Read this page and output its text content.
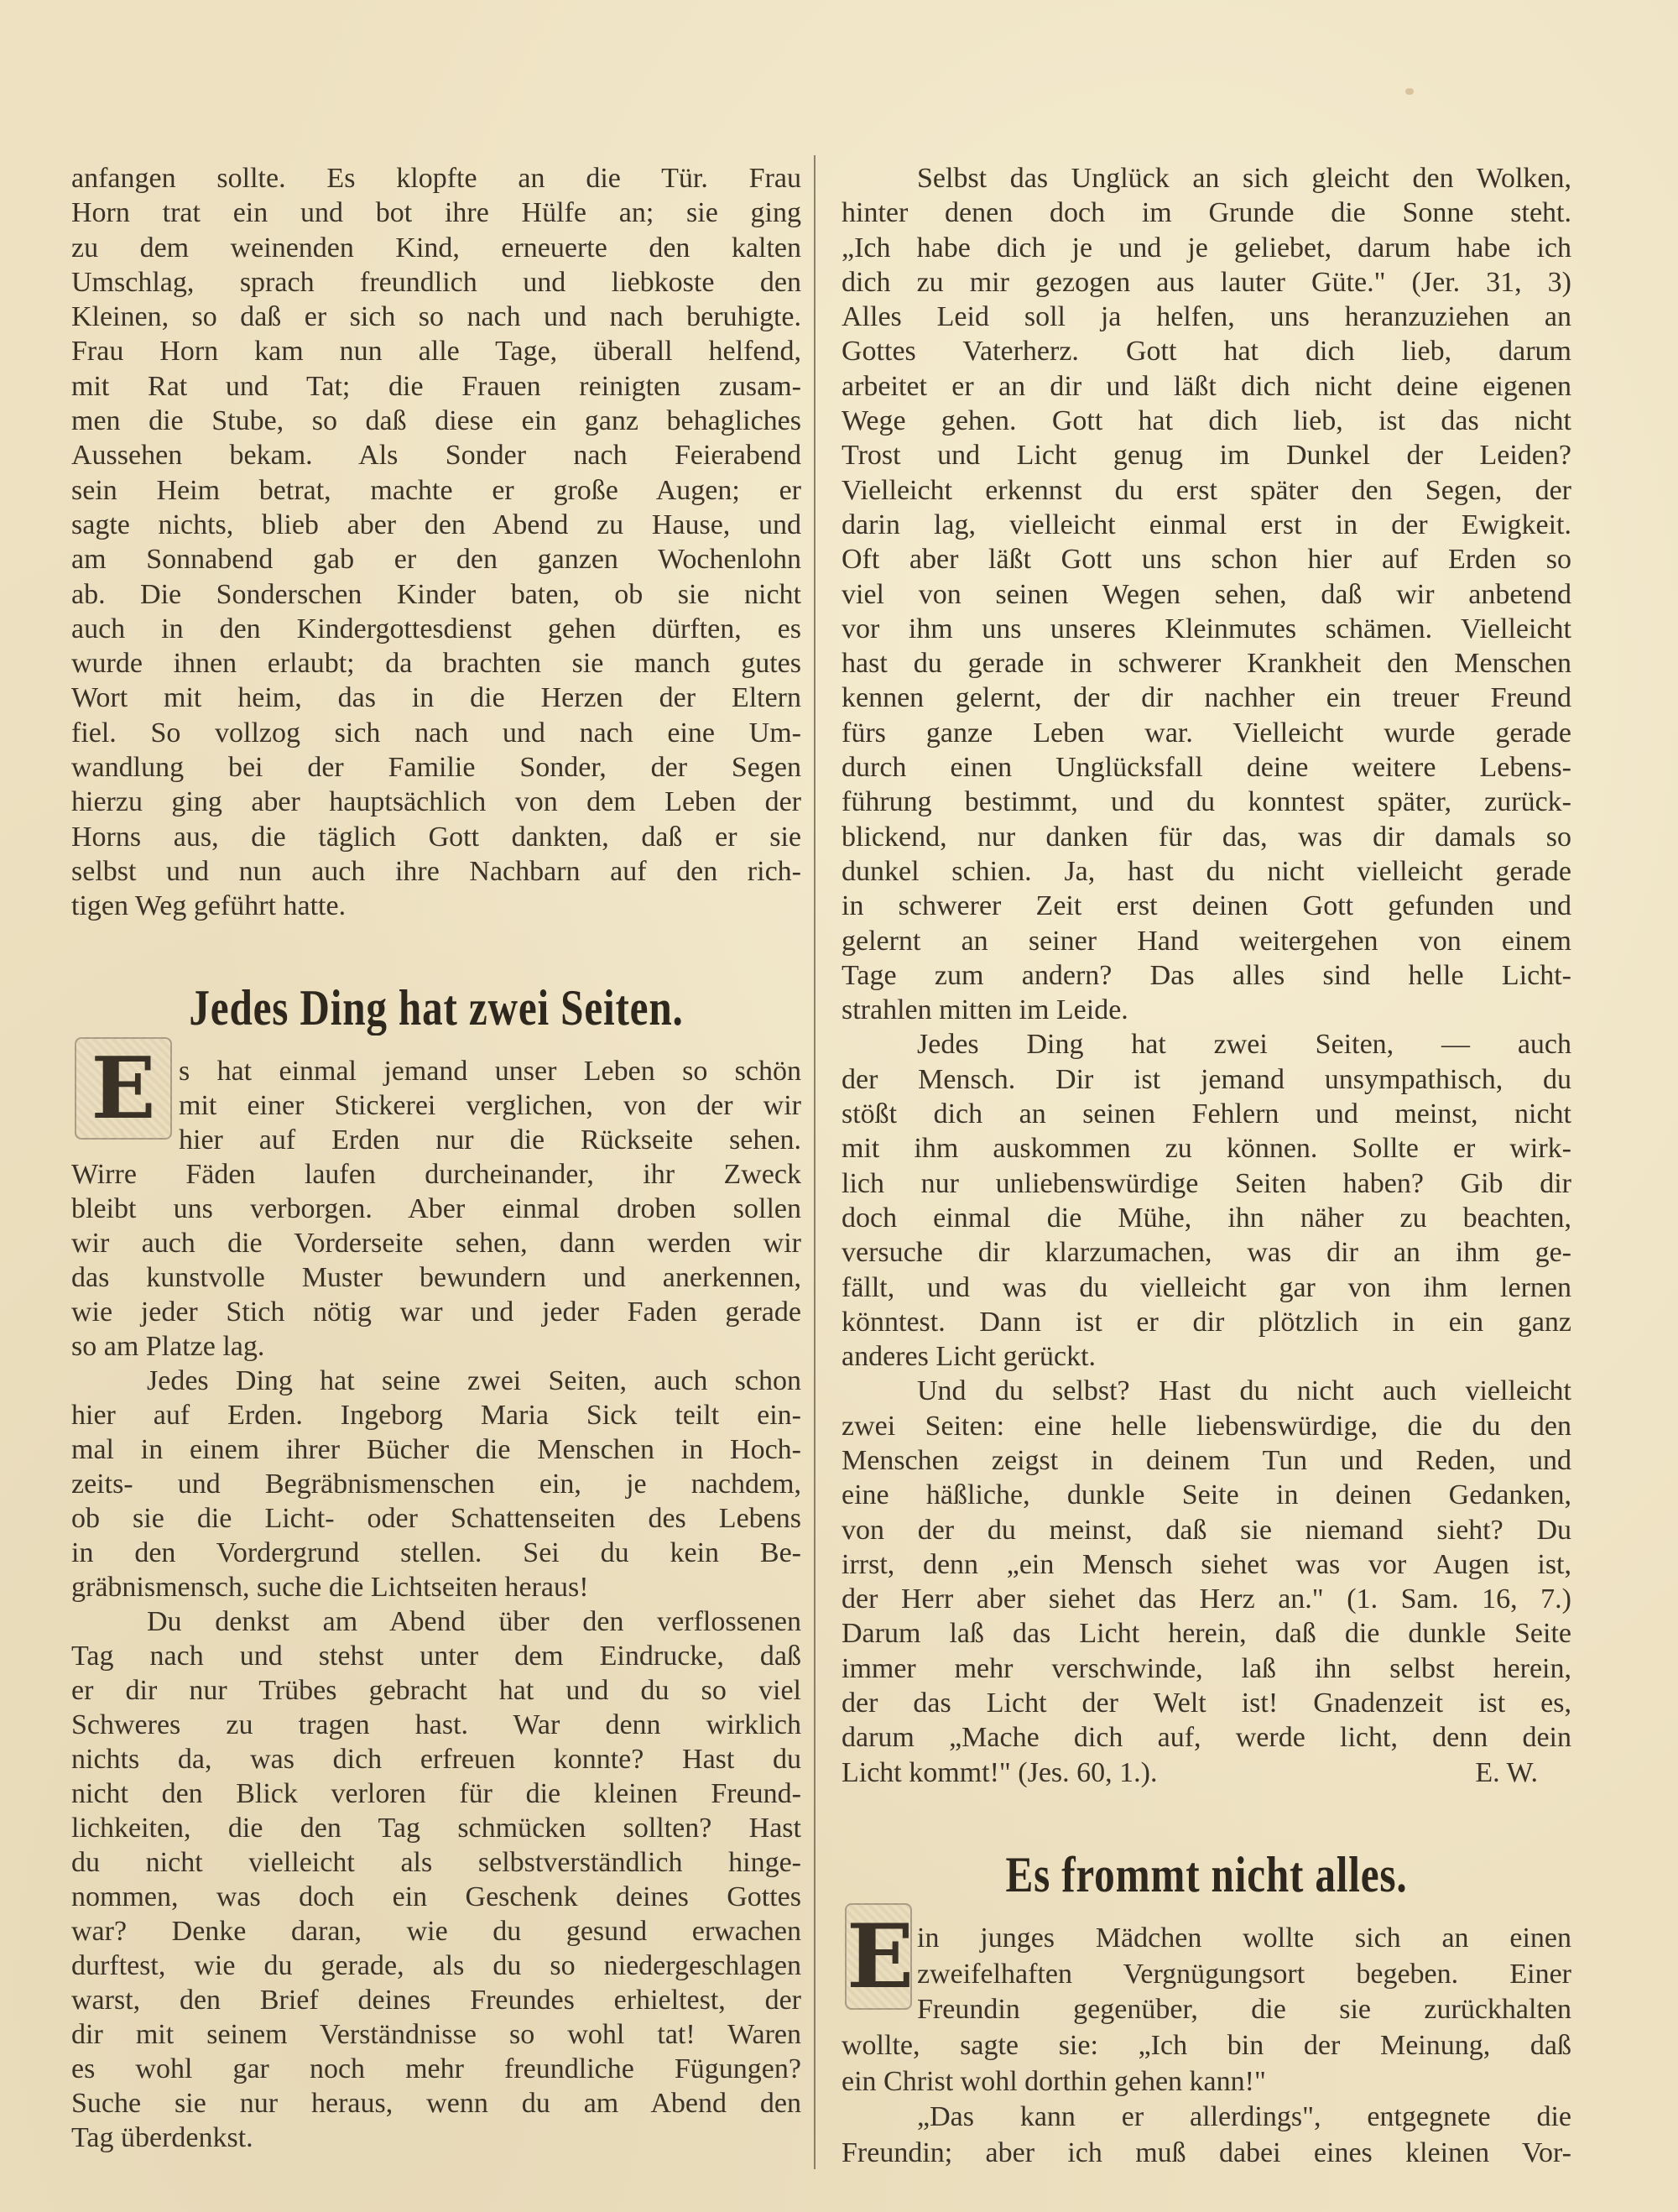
anfangen sollte. Es klopfte an die Tür. Frau
Horn trat ein und bot ihre Hülfe an; sie ging
zu dem weinenden Kind, erneuerte den kalten
Umschlag, sprach freundlich und liebkoste den
Kleinen, so daß er sich so nach und nach beruhigte.
Frau Horn kam nun alle Tage, überall helfend,
mit Rat und Tat; die Frauen reinigten zusam-
men die Stube, so daß diese ein ganz behagliches
Aussehen bekam. Als Sonder nach Feierabend
sein Heim betrat, machte er große Augen; er
sagte nichts, blieb aber den Abend zu Hause, und
am Sonnabend gab er den ganzen Wochenlohn
ab. Die Sonderschen Kinder baten, ob sie nicht
auch in den Kindergottesdienst gehen dürften, es
wurde ihnen erlaubt; da brachten sie manch gutes
Wort mit heim, das in die Herzen der Eltern
fiel. So vollzog sich nach und nach eine Um-
wandlung bei der Familie Sonder, der Segen
hierzu ging aber hauptsächlich von dem Leben der
Horns aus, die täglich Gott dankten, daß er sie
selbst und nun auch ihre Nachbarn auf den rich-
tigen Weg geführt hatte.
Jedes Ding hat zwei Seiten.
E s hat einmal jemand unser Leben so schön
mit einer Stickerei verglichen, von der wir
hier auf Erden nur die Rückseite sehen.
Wirre Fäden laufen durcheinander, ihr Zweck
bleibt uns verborgen. Aber einmal droben sollen
wir auch die Vorderseite sehen, dann werden wir
das kunstvolle Muster bewundern und anerkennen,
wie jeder Stich nötig war und jeder Faden gerade
so am Platze lag.
Jedes Ding hat seine zwei Seiten, auch schon
hier auf Erden. Ingeborg Maria Sick teilt ein-
mal in einem ihrer Bücher die Menschen in Hoch-
zeits- und Begräbnismenschen ein, je nachdem,
ob sie die Licht- oder Schattenseiten des Lebens
in den Vordergrund stellen. Sei du kein Be-
gräbnismensch, suche die Lichtseiten heraus!
Du denkst am Abend über den verflossenen
Tag nach und stehst unter dem Eindrucke, daß
er dir nur Trübes gebracht hat und du so viel
Schweres zu tragen hast. War denn wirklich
nichts da, was dich erfreuen konnte? Hast du
nicht den Blick verloren für die kleinen Freund-
lichkeiten, die den Tag schmücken sollten? Hast
du nicht vielleicht als selbstverständlich hinge-
nommen, was doch ein Geschenk deines Gottes
war? Denke daran, wie du gesund erwachen
durftest, wie du gerade, als du so niedergeschlagen
warst, den Brief deines Freundes erhieltest, der
dir mit seinem Verständnisse so wohl tat! Waren
es wohl gar noch mehr freundliche Fügungen?
Suche sie nur heraus, wenn du am Abend den
Tag überdenkst.
Selbst das Unglück an sich gleicht den Wolken,
hinter denen doch im Grunde die Sonne steht.
„Ich habe dich je und je geliebet, darum habe ich
dich zu mir gezogen aus lauter Güte." (Jer. 31, 3)
Alles Leid soll ja helfen, uns heranzuziehen an
Gottes Vaterherz. Gott hat dich lieb, darum
arbeitet er an dir und läßt dich nicht deine eigenen
Wege gehen. Gott hat dich lieb, ist das nicht
Trost und Licht genug im Dunkel der Leiden?
Vielleicht erkennst du erst später den Segen, der
darin lag, vielleicht einmal erst in der Ewigkeit.
Oft aber läßt Gott uns schon hier auf Erden so
viel von seinen Wegen sehen, daß wir anbetend
vor ihm uns unseres Kleinmutes schämen. Vielleicht
hast du gerade in schwerer Krankheit den Menschen
kennen gelernt, der dir nachher ein treuer Freund
fürs ganze Leben war. Vielleicht wurde gerade
durch einen Unglücksfall deine weitere Lebens-
führung bestimmt, und du konntest später, zurück-
blickend, nur danken für das, was dir damals so
dunkel schien. Ja, hast du nicht vielleicht gerade
in schwerer Zeit erst deinen Gott gefunden und
gelernt an seiner Hand weitergehen von einem
Tage zum andern? Das alles sind helle Licht-
strahlen mitten im Leide.
Jedes Ding hat zwei Seiten, — auch
der Mensch. Dir ist jemand unsympathisch, du
stößt dich an seinen Fehlern und meinst, nicht
mit ihm auskommen zu können. Sollte er wirk-
lich nur unliebenswürdige Seiten haben? Gib dir
doch einmal die Mühe, ihn näher zu beachten,
versuche dir klarzumachen, was dir an ihm ge-
fällt, und was du vielleicht gar von ihm lernen
könntest. Dann ist er dir plötzlich in ein ganz
anderes Licht gerückt.
Und du selbst? Hast du nicht auch vielleicht
zwei Seiten: eine helle liebenswürdige, die du den
Menschen zeigst in deinem Tun und Reden, und
eine häßliche, dunkle Seite in deinen Gedanken,
von der du meinst, daß sie niemand sieht? Du
irrst, denn „ein Mensch siehet was vor Augen ist,
der Herr aber siehet das Herz an." (1. Sam. 16, 7.)
Darum laß das Licht herein, daß die dunkle Seite
immer mehr verschwinde, laß ihn selbst herein,
der das Licht der Welt ist! Gnadenzeit ist es,
darum „Mache dich auf, werde licht, denn dein
Licht kommt!" (Jes. 60, 1.).	E. W.
Es frommt nicht alles.
E in junges Mädchen wollte sich an einen
zweifelhaften Vergnügungsort begeben. Einer
Freundin gegenüber, die sie zurückhalten
wollte, sagte sie: „Ich bin der Meinung, daß
ein Christ wohl dorthin gehen kann!"
„Das kann er allerdings", entgegnete die
Freundin; aber ich muß dabei eines kleinen Vor-
